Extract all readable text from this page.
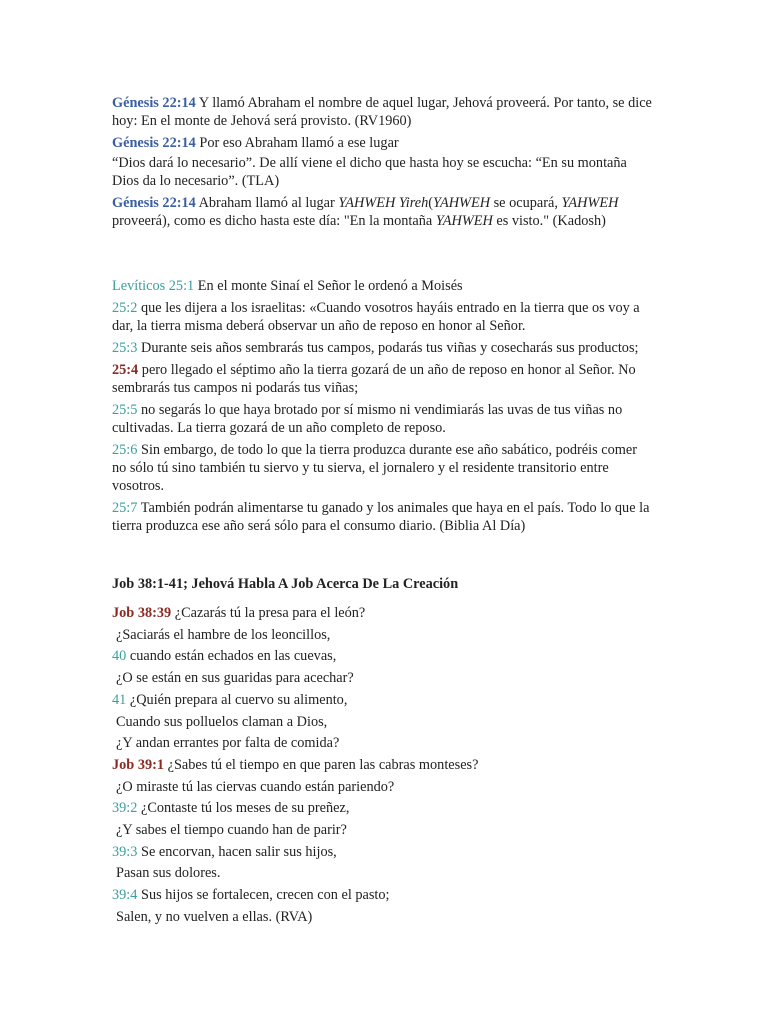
Génesis 22:14 Y llamó Abraham el nombre de aquel lugar, Jehová proveerá. Por tanto, se dice hoy: En el monte de Jehová será provisto. (RV1960)

Génesis 22:14 Por eso Abraham llamó a ese lugar

“Dios dará lo necesario”. De allí viene el dicho que hasta hoy se escucha: “En su montaña Dios da lo necesario”. (TLA)

Génesis 22:14 Abraham llamó al lugar YAHWEH Yireh(YAHWEH se ocupará, YAHWEH proveerá), como es dicho hasta este día: "En la montaña YAHWEH es visto." (Kadosh)

Levíticos 25:1 En el monte Sinaí el Señor le ordenó a Moisés

25:2 que les dijera a los israelitas: «Cuando vosotros hayáis entrado en la tierra que os voy a dar, la tierra misma deberá observar un año de reposo en honor al Señor.

25:3 Durante seis años sembrarás tus campos, podarás tus viñas y cosecharás sus productos;

25:4 pero llegado el séptimo año la tierra gozará de un año de reposo en honor al Señor. No sembrarás tus campos ni podarás tus viñas;

25:5 no segarás lo que haya brotado por sí mismo ni vendimiarás las uvas de tus viñas no cultivadas. La tierra gozará de un año completo de reposo.

25:6 Sin embargo, de todo lo que la tierra produzca durante ese año sabático, podréis comer no sólo tú sino también tu siervo y tu sierva, el jornalero y el residente transitorio entre vosotros.

25:7 También podrán alimentarse tu ganado y los animales que haya en el país. Todo lo que la tierra produzca ese año será sólo para el consumo diario. (Biblia Al Día)

Job 38:1-41; Jehová Habla A Job Acerca De La Creación

Job 38:39 ¿Cazarás tú la presa para el león?
¿Saciarás el hambre de los leoncillos,
40 cuando están echados en las cuevas,
¿O se están en sus guaridas para acechar?
41 ¿Quién prepara al cuervo su alimento,
Cuando sus polluelos claman a Dios,
¿Y andan errantes por falta de comida?
Job 39:1 ¿Sabes tú el tiempo en que paren las cabras monteses?
¿O miraste tú las ciervas cuando están pariendo?
39:2 ¿Contaste tú los meses de su preñez,
¿Y sabes el tiempo cuando han de parir?
39:3 Se encorvan, hacen salir sus hijos,
Pasan sus dolores.
39:4 Sus hijos se fortalecen, crecen con el pasto;
Salen, y no vuelven a ellas. (RVA)
